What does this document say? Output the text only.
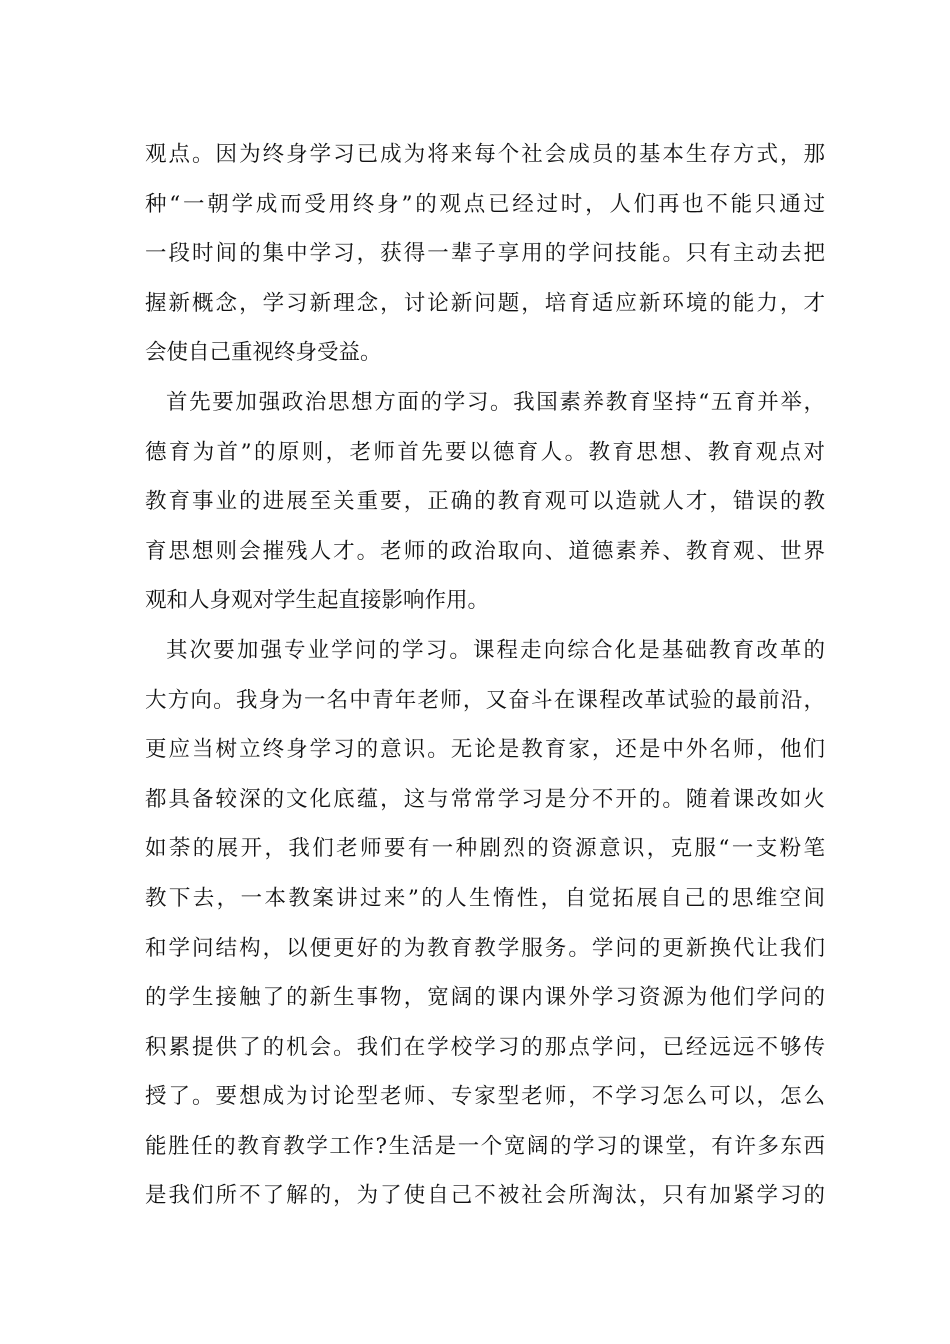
观点。因为终身学习已成为将来每个社会成员的基本生存方式，那
种“一朝学成而受用终身”的观点已经过时，人们再也不能只通过
一段时间的集中学习，获得一辈子享用的学问技能。只有主动去把
握新概念，学习新理念，讨论新问题，培育适应新环境的能力，才
会使自己重视终身受益。
首先要加强政治思想方面的学习。我国素养教育坚持“五育并举，
德育为首”的原则，老师首先要以德育人。教育思想、教育观点对
教育事业的进展至关重要，正确的教育观可以造就人才，错误的教
育思想则会摧残人才。老师的政治取向、道德素养、教育观、世界
观和人身观对学生起直接影响作用。
其次要加强专业学问的学习。课程走向综合化是基础教育改革的
大方向。我身为一名中青年老师，又奋斗在课程改革试验的最前沿，
更应当树立终身学习的意识。无论是教育家，还是中外名师，他们
都具备较深的文化底蕴，这与常常学习是分不开的。随着课改如火
如荼的展开，我们老师要有一种剧烈的资源意识，克服“一支粉笔
教下去，一本教案讲过来”的人生惰性，自觉拓展自己的思维空间
和学问结构，以便更好的为教育教学服务。学问的更新换代让我们
的学生接触了的新生事物，宽阔的课内课外学习资源为他们学问的
积累提供了的机会。我们在学校学习的那点学问，已经远远不够传
授了。要想成为讨论型老师、专家型老师，不学习怎么可以，怎么
能胜任的教育教学工作?生活是一个宽阔的学习的课堂，有许多东西
是我们所不了解的，为了使自己不被社会所淘汰，只有加紧学习的
